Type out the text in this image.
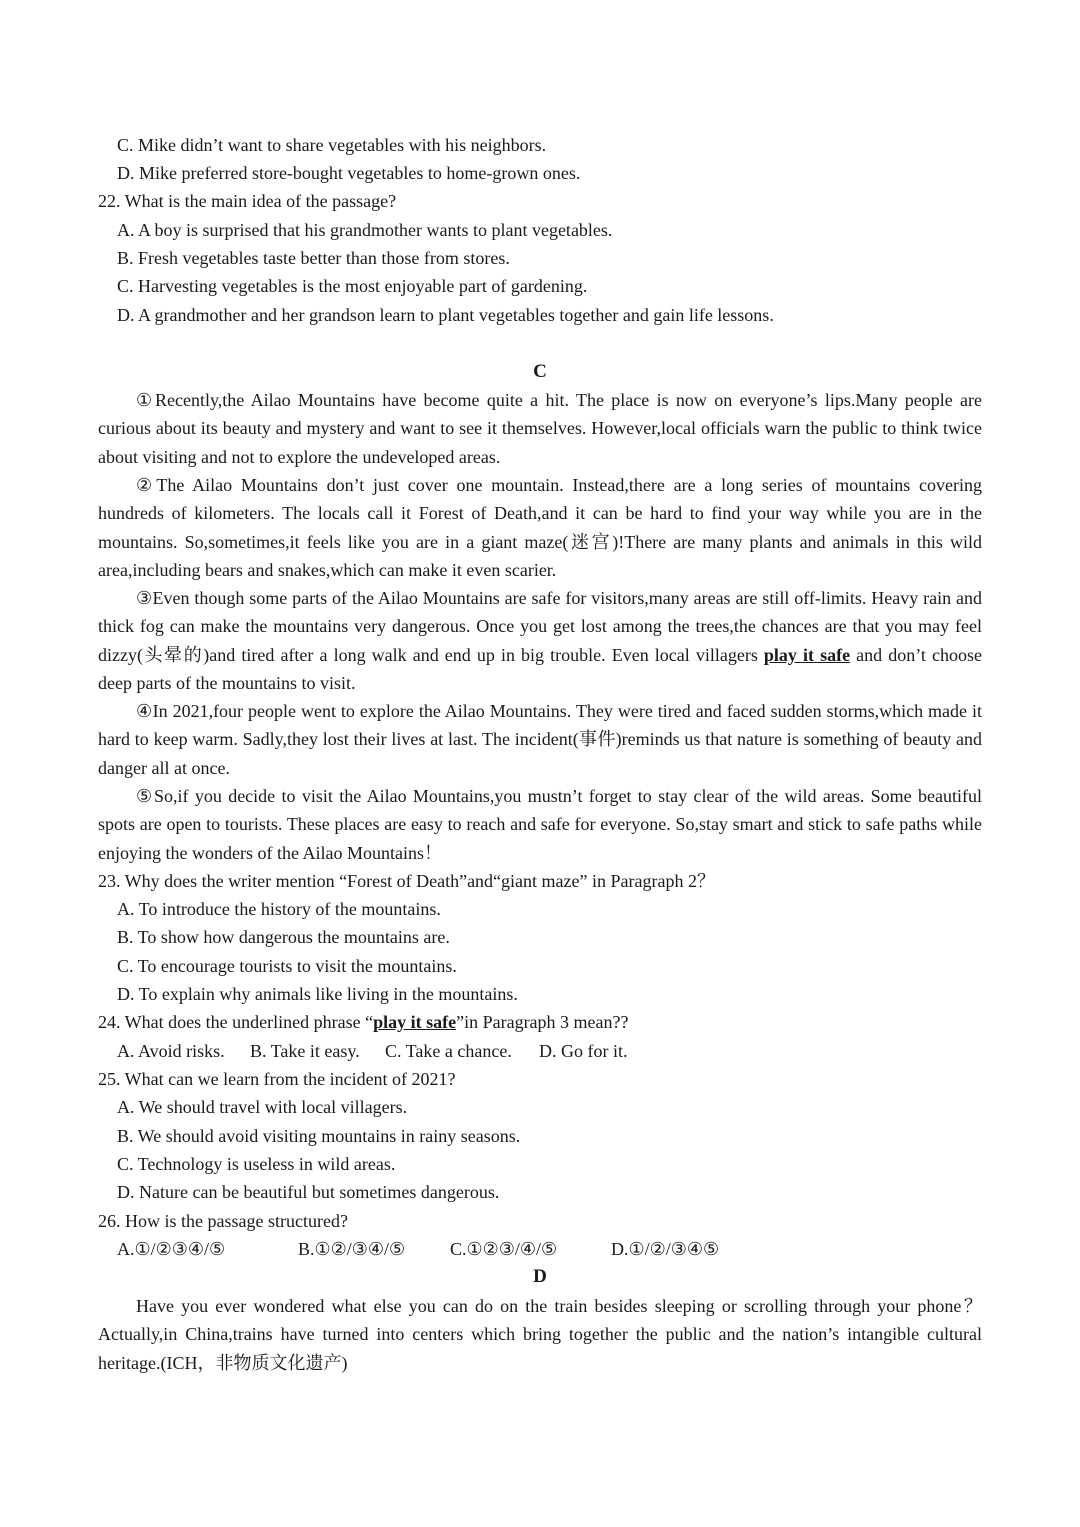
C. Mike didn’t want to share vegetables with his neighbors.
D. Mike preferred store-bought vegetables to home-grown ones.
22. What is the main idea of the passage?
A. A boy is surprised that his grandmother wants to plant vegetables.
B. Fresh vegetables taste better than those from stores.
C. Harvesting vegetables is the most enjoyable part of gardening.
D. A grandmother and her grandson learn to plant vegetables together and gain life lessons.
C

①Recently,the Ailao Mountains have become quite a hit. The place is now on everyone’s lips.Many people are curious about its beauty and mystery and want to see it themselves. However,local officials warn the public to think twice about visiting and not to explore the undeveloped areas.

②The Ailao Mountains don’t just cover one mountain. Instead,there are a long series of mountains covering hundreds of kilometers. The locals call it Forest of Death,and it can be hard to find your way while you are in the mountains. So,sometimes,it feels like you are in a giant maze(迷宫)!There are many plants and animals in this wild area,including bears and snakes,which can make it even scarier.

③Even though some parts of the Ailao Mountains are safe for visitors,many areas are still off-limits. Heavy rain and thick fog can make the mountains very dangerous. Once you get lost among the trees,the chances are that you may feel dizzy(头晕的)and tired after a long walk and end up in big trouble. Even local villagers play it safe and don’t choose deep parts of the mountains to visit.

④In 2021,four people went to explore the Ailao Mountains. They were tired and faced sudden storms,which made it hard to keep warm. Sadly,they lost their lives at last. The incident(事件)reminds us that nature is something of beauty and danger all at once.

⑤So,if you decide to visit the Ailao Mountains,you mustn’t forget to stay clear of the wild areas. Some beautiful spots are open to tourists. These places are easy to reach and safe for everyone. So,stay smart and stick to safe paths while enjoying the wonders of the Ailao Mountains！

23. Why does the writer mention “Forest of Death”and“giant maze” in Paragraph 2？
A. To introduce the history of the mountains.
B. To show how dangerous the mountains are.
C. To encourage tourists to visit the mountains.
D. To explain why animals like living in the mountains.
24. What does the underlined phrase “play it safe”in Paragraph 3 mean??
A. Avoid risks. B. Take it easy. C. Take a chance. D. Go for it.
25. What can we learn from the incident of 2021?
A. We should travel with local villagers.
B. We should avoid visiting mountains in rainy seasons.
C. Technology is useless in wild areas.
D. Nature can be beautiful but sometimes dangerous.
26. How is the passage structured?
A.①/②③④/⑤	B.①②/③④/⑤ C.①②③/④/⑤	D.①/②/③④⑤
D

Have you ever wondered what else you can do on the train besides sleeping or scrolling through your phone？Actually,in China,trains have turned into centers which bring together the public and the nation’s intangible cultural heritage.(ICH，非物质文化遗产)
